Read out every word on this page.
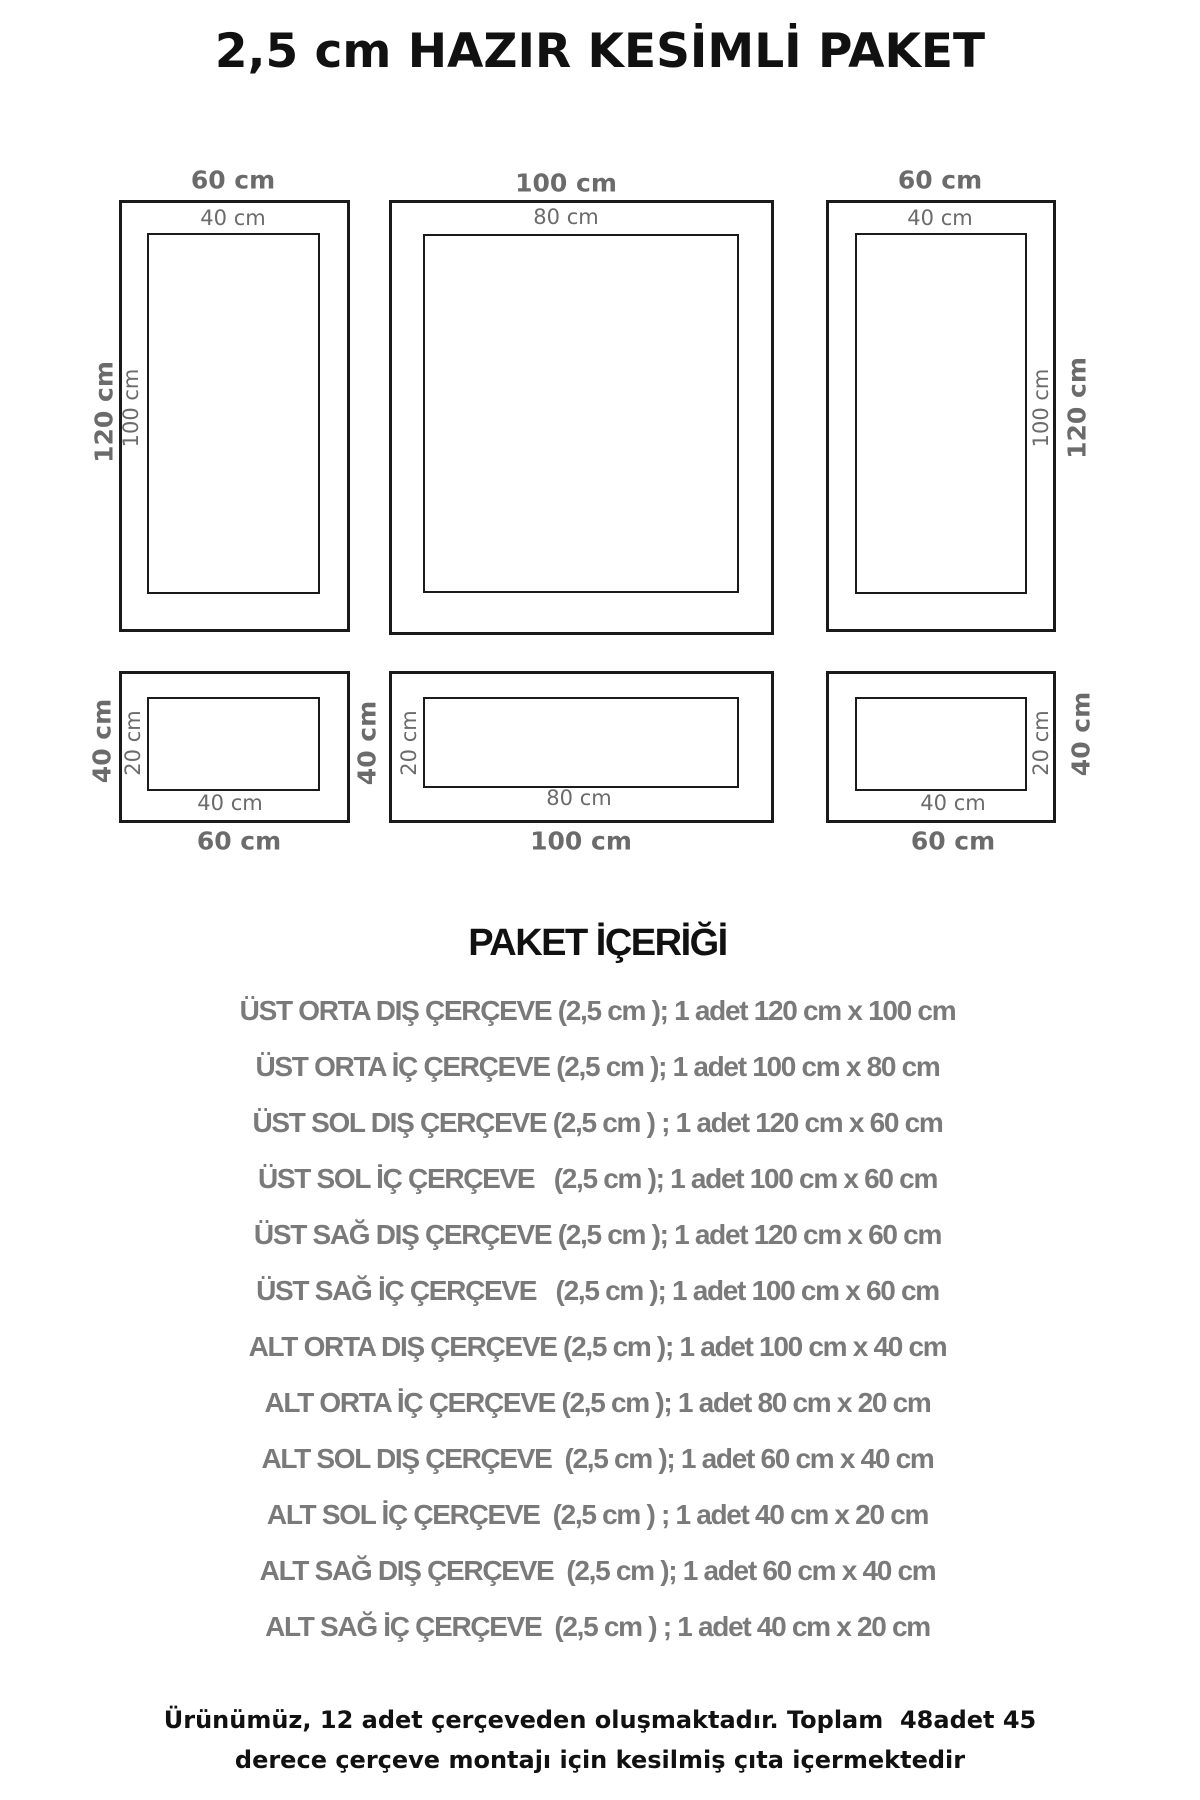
2,5 cm HAZIR KESİMLİ PAKET
60 cm
40 cm
120 cm 100 cm
100 cm
80 cm
60 cm
40 cm
100 cm 120 cm
40 cm 20 cm
40 cm
60 cm
40 cm 20 cm
80 cm
100 cm
20 cm 40 cm
40 cm
60 cm
PAKET İÇERİĞİ
ÜST ORTA DIŞ ÇERÇEVE (2,5 cm ); 1 adet 120 cm x 100 cm
ÜST ORTA İÇ ÇERÇEVE (2,5 cm ); 1 adet 100 cm x 80 cm
ÜST SOL DIŞ ÇERÇEVE (2,5 cm ) ; 1 adet 120 cm x 60 cm
ÜST SOL İÇ ÇERÇEVE   (2,5 cm ); 1 adet 100 cm x 60 cm
ÜST SAĞ DIŞ ÇERÇEVE (2,5 cm ); 1 adet 120 cm x 60 cm
ÜST SAĞ İÇ ÇERÇEVE   (2,5 cm ); 1 adet 100 cm x 60 cm
ALT ORTA DIŞ ÇERÇEVE (2,5 cm ); 1 adet 100 cm x 40 cm
ALT ORTA İÇ ÇERÇEVE (2,5 cm ); 1 adet 80 cm x 20 cm
ALT SOL DIŞ ÇERÇEVE  (2,5 cm ); 1 adet 60 cm x 40 cm
ALT SOL İÇ ÇERÇEVE  (2,5 cm ) ; 1 adet 40 cm x 20 cm
ALT SAĞ DIŞ ÇERÇEVE  (2,5 cm ); 1 adet 60 cm x 40 cm
ALT SAĞ İÇ ÇERÇEVE  (2,5 cm ) ; 1 adet 40 cm x 20 cm
Ürünümüz, 12 adet çerçeveden oluşmaktadır. Toplam  48adet 45
derece çerçeve montajı için kesilmiş çıta içermektedir
